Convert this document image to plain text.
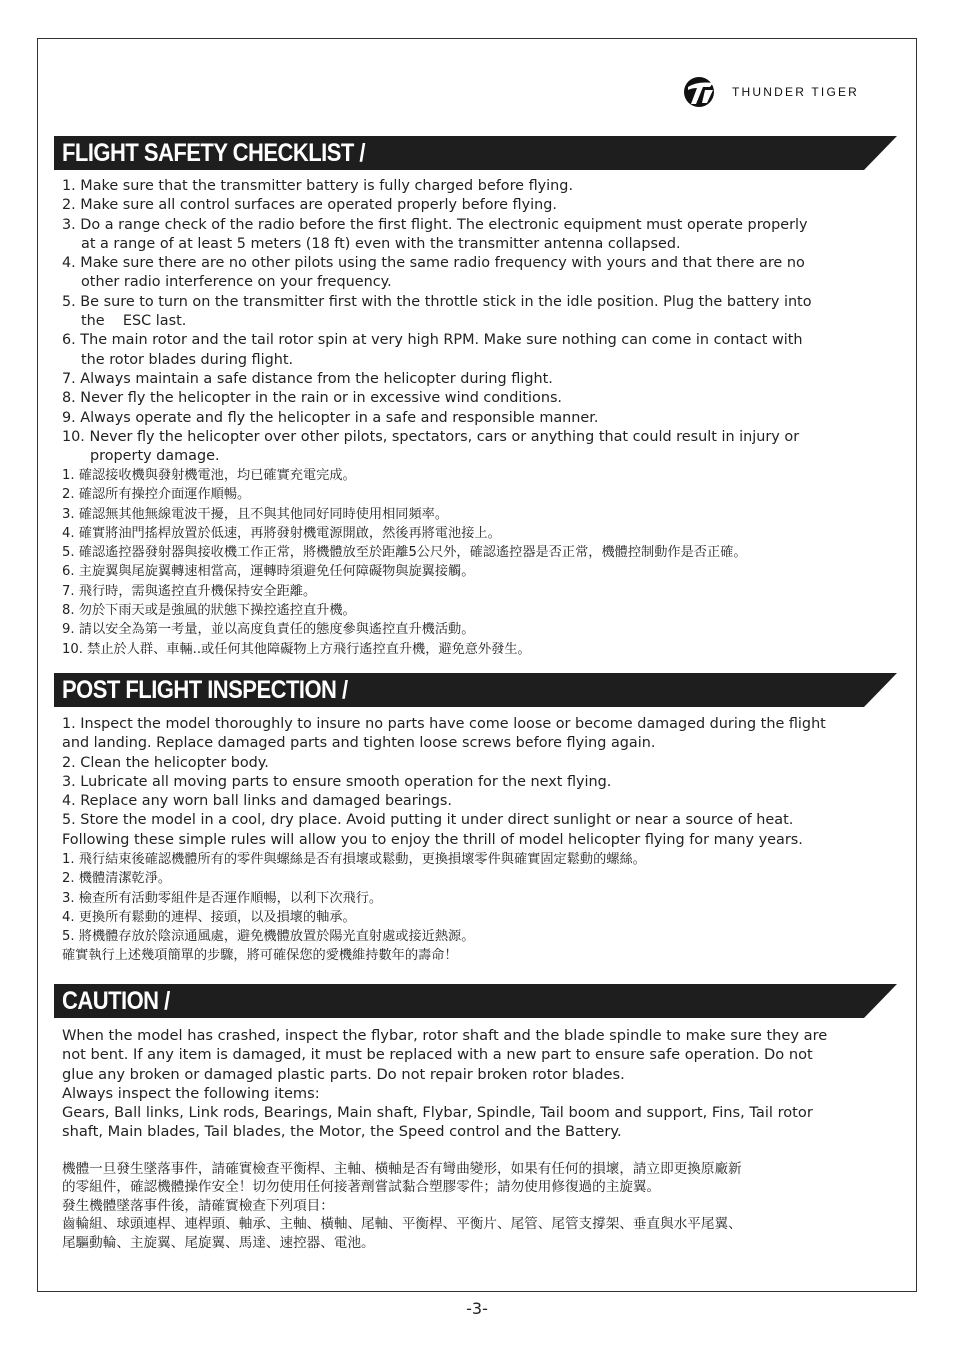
THUNDER TIGER
FLIGHT SAFETY CHECKLIST /
1. Make sure that the transmitter battery is fully charged before flying.
2. Make sure all control surfaces are operated properly before flying.
3. Do a range check of the radio before the first flight. The electronic equipment must operate properly
at a range of at least 5 meters (18 ft) even with the transmitter antenna collapsed.
4. Make sure there are no other pilots using the same radio frequency with yours and that there are no
other radio interference on your frequency.
5. Be sure to turn on the transmitter first with the throttle stick in the idle position. Plug the battery into
the    ESC last.
6. The main rotor and the tail rotor spin at very high RPM. Make sure nothing can come in contact with
the rotor blades during flight.
7. Always maintain a safe distance from the helicopter during flight.
8. Never fly the helicopter in the rain or in excessive wind conditions.
9. Always operate and fly the helicopter in a safe and responsible manner.
10. Never fly the helicopter over other pilots, spectators, cars or anything that could result in injury or
property damage.
1. 確認接收機與發射機電池，均已確實充電完成。
2. 確認所有操控介面運作順暢。
3. 確認無其他無線電波干擾，且不與其他同好同時使用相同頻率。
4. 確實將油門搖桿放置於低速，再將發射機電源開啟，然後再將電池接上。
5. 確認遙控器發射器與接收機工作正常，將機體放至於距離5公尺外，確認遙控器是否正常，機體控制動作是否正確。
6. 主旋翼與尾旋翼轉速相當高，運轉時須避免任何障礙物與旋翼接觸。
7. 飛行時，需與遙控直升機保持安全距離。
8. 勿於下雨天或是強風的狀態下操控遙控直升機。
9. 請以安全為第一考量，並以高度負責任的態度參與遙控直升機活動。
10. 禁止於人群、車輛..或任何其他障礙物上方飛行遙控直升機，避免意外發生。
POST FLIGHT INSPECTION /
1. Inspect the model thoroughly to insure no parts have come loose or become damaged during the flight
and landing. Replace damaged parts and tighten loose screws before flying again.
2. Clean the helicopter body.
3. Lubricate all moving parts to ensure smooth operation for the next flying.
4. Replace any worn ball links and damaged bearings.
5. Store the model in a cool, dry place. Avoid putting it under direct sunlight or near a source of heat.
Following these simple rules will allow you to enjoy the thrill of model helicopter flying for many years.
1. 飛行結束後確認機體所有的零件與螺絲是否有損壞或鬆動，更換損壞零件與確實固定鬆動的螺絲。
2. 機體清潔乾淨。
3. 檢查所有活動零組件是否運作順暢，以利下次飛行。
4. 更換所有鬆動的連桿、接頭，以及損壞的軸承。
5. 將機體存放於陰涼通風處，避免機體放置於陽光直射處或接近熱源。
確實執行上述幾項簡單的步驟，將可確保您的愛機維持數年的壽命！
CAUTION /
When the model has crashed, inspect the flybar, rotor shaft and the blade spindle to make sure they are
not bent. If any item is damaged, it must be replaced with a new part to ensure safe operation. Do not
glue any broken or damaged plastic parts. Do not repair broken rotor blades.
Always inspect the following items:
Gears, Ball links, Link rods, Bearings, Main shaft, Flybar, Spindle, Tail boom and support, Fins, Tail rotor
shaft, Main blades, Tail blades, the Motor, the Speed control and the Battery.
機體一旦發生墜落事件，請確實檢查平衡桿、主軸、橫軸是否有彎曲變形，如果有任何的損壞，請立即更換原廠新
的零組件，確認機體操作安全！切勿使用任何接著劑嘗試黏合塑膠零件；請勿使用修復過的主旋翼。
發生機體墜落事件後，請確實檢查下列項目：
齒輪組、球頭連桿、連桿頭、軸承、主軸、橫軸、尾軸、平衡桿、平衡片、尾管、尾管支撐架、垂直與水平尾翼、
尾驅動輪、主旋翼、尾旋翼、馬達、速控器、電池。
-3-
